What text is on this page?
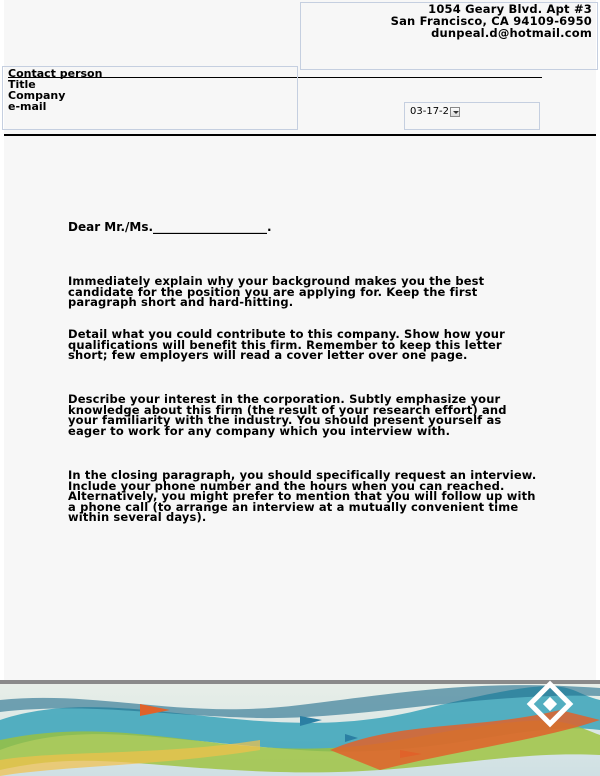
1054 Geary Blvd. Apt #3
San Francisco, CA 94109-6950
dunpeal.d@hotmail.com
Contact person
Title
Company
e-mail	03-17-2
Dear Mr./Ms.___________________.

Immediately explain why your background makes you the best candidate for the position you are applying for. Keep the first paragraph short and hard-hitting.

Detail what you could contribute to this company. Show how your qualifications will benefit this firm. Remember to keep this letter short; few employers will read a cover letter over one page.

Describe your interest in the corporation. Subtly emphasize your knowledge about this firm (the result of your research effort) and your familiarity with the industry. You should present yourself as eager to work for any company which you interview with.

In the closing paragraph, you should specifically request an interview. Include your phone number and the hours when you can reached. Alternatively, you might prefer to mention that you will follow up with a phone call (to arrange an interview at a mutually convenient time within several days).
